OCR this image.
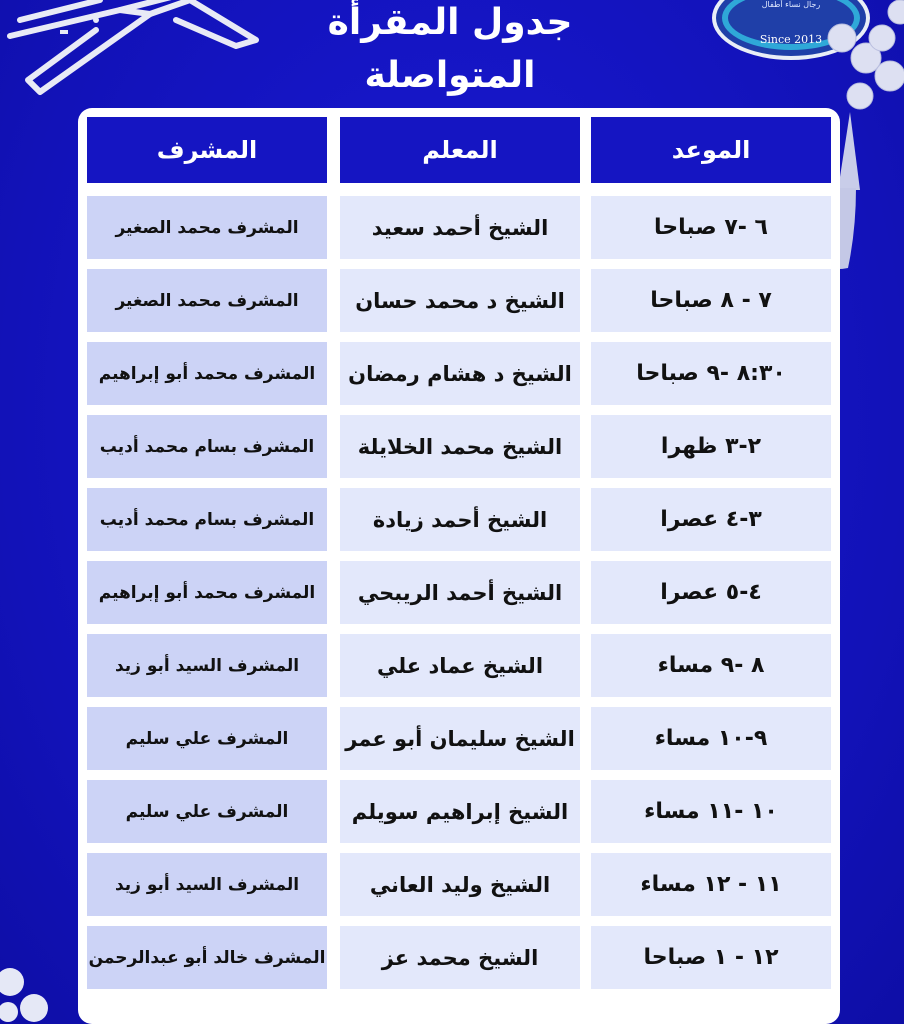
رجال نساء أطفال
Since 2013
جدول المقرأة
المتواصلة
الموعد
المعلم
المشرف
٦ -٧ صباحا
الشيخ أحمد سعيد
المشرف محمد الصغير
٧ - ٨ صباحا
الشيخ د محمد حسان
المشرف محمد الصغير
٨:٣٠ -٩ صباحا
الشيخ د هشام رمضان
المشرف محمد أبو إبراهيم
٢-٣ ظهرا
الشيخ محمد الخلايلة
المشرف بسام محمد أديب
٣-٤ عصرا
الشيخ أحمد زيادة
المشرف بسام محمد أديب
٤-٥ عصرا
الشيخ أحمد الريبحي
المشرف محمد أبو إبراهيم
٨ -٩ مساء
الشيخ عماد علي
المشرف السيد أبو زيد
٩-١٠ مساء
الشيخ سليمان أبو عمر
المشرف علي سليم
١٠ -١١ مساء
الشيخ إبراهيم سويلم
المشرف علي سليم
١١ - ١٢ مساء
الشيخ وليد العاني
المشرف السيد أبو زيد
١٢ - ١ صباحا
الشيخ محمد عز
المشرف خالد أبو عبدالرحمن
